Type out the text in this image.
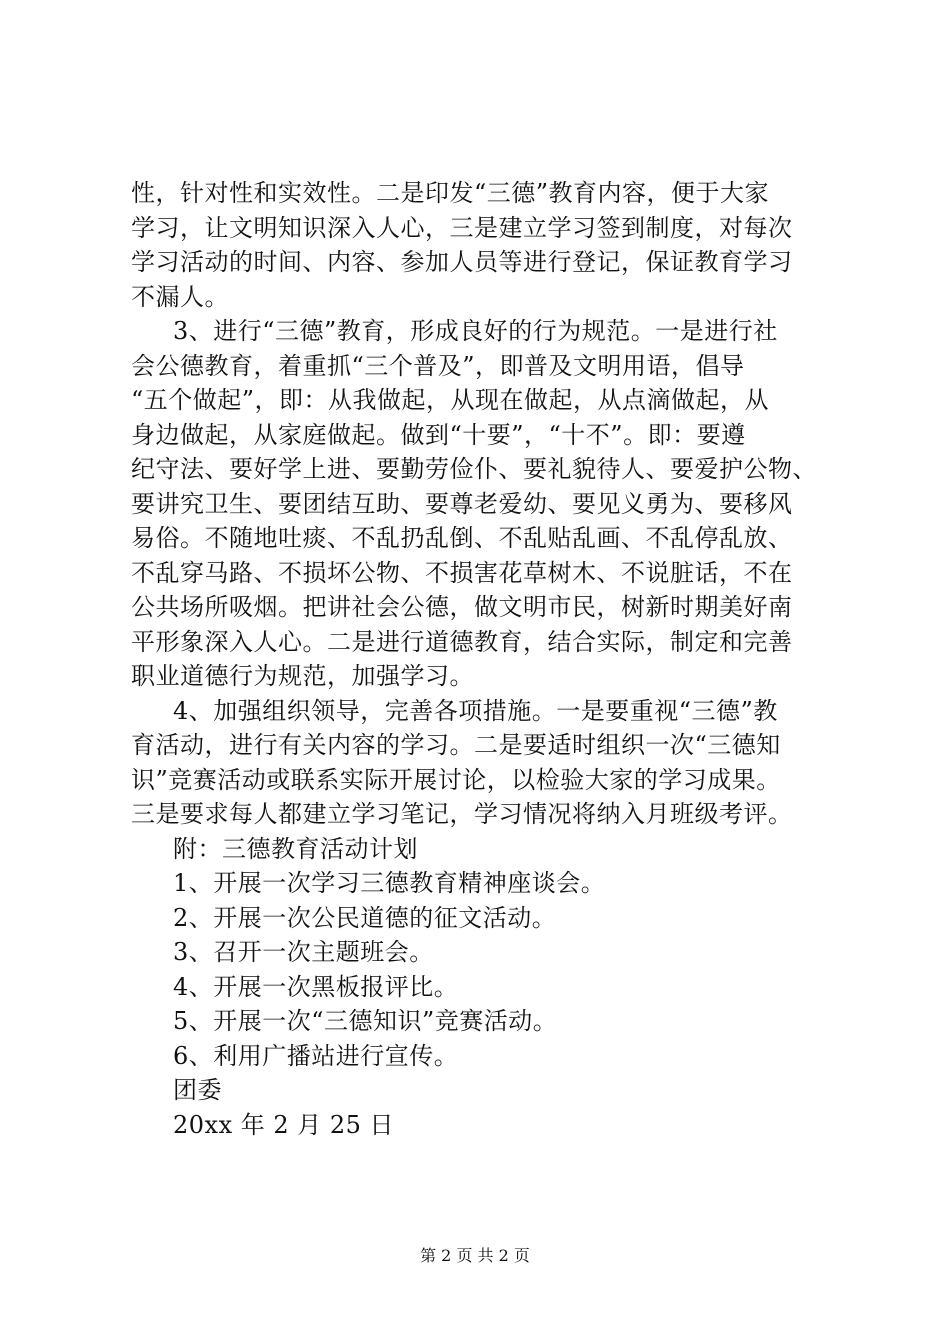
性，针对性和实效性。二是印发“三德”教育内容，便于大家
学习，让文明知识深入人心，三是建立学习签到制度，对每次
学习活动的时间、内容、参加人员等进行登记，保证教育学习
不漏人。
3、进行“三德”教育，形成良好的行为规范。一是进行社
会公德教育，着重抓“三个普及”，即普及文明用语，倡导
“五个做起”，即：从我做起，从现在做起，从点滴做起，从
身边做起，从家庭做起。做到“十要”，“十不”。即：要遵
纪守法、要好学上进、要勤劳俭仆、要礼貌待人、要爱护公物、
要讲究卫生、要团结互助、要尊老爱幼、要见义勇为、要移风
易俗。不随地吐痰、不乱扔乱倒、不乱贴乱画、不乱停乱放、
不乱穿马路、不损坏公物、不损害花草树木、不说脏话，不在
公共场所吸烟。把讲社会公德，做文明市民，树新时期美好南
平形象深入人心。二是进行道德教育，结合实际，制定和完善
职业道德行为规范，加强学习。
4、加强组织领导，完善各项措施。一是要重视“三德”教
育活动，进行有关内容的学习。二是要适时组织一次“三德知
识”竞赛活动或联系实际开展讨论，以检验大家的学习成果。
三是要求每人都建立学习笔记，学习情况将纳入月班级考评。
附：三德教育活动计划
1、开展一次学习三德教育精神座谈会。
2、开展一次公民道德的征文活动。
3、召开一次主题班会。
4、开展一次黑板报评比。
5、开展一次“三德知识”竞赛活动。
6、利用广播站进行宣传。
团委
20xx 年 2 月 25 日
第 2 页 共 2 页
